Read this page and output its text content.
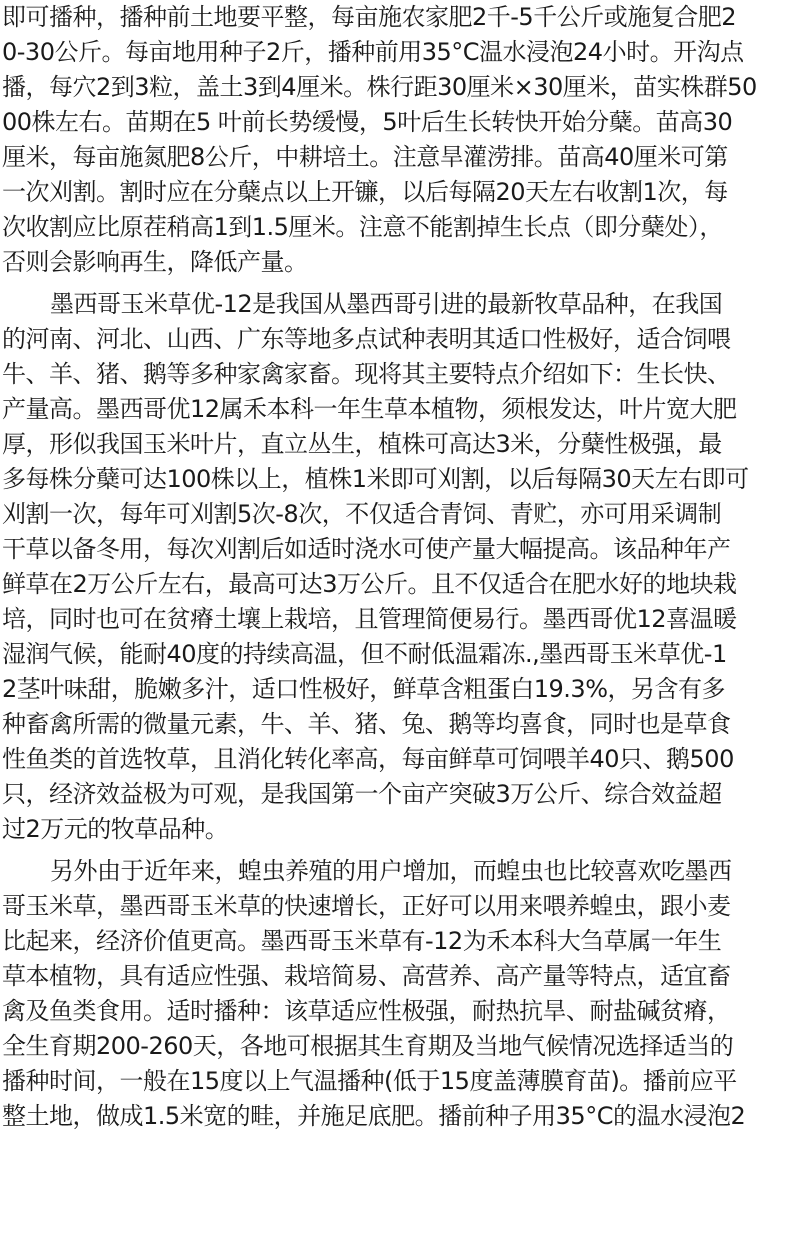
即可播种，播种前土地要平整，每亩施农家肥2千-5千公斤或施复合肥2
0-30公斤。每亩地用种子2斤，播种前用35°C温水浸泡24小时。开沟点
播，每穴2到3粒，盖土3到4厘米。株行距30厘米×30厘米，苗实株群50
00株左右。苗期在5 叶前长势缓慢，5叶后生长转快开始分蘖。苗高30
厘米，每亩施氮肥8公斤，中耕培土。注意旱灌涝排。苗高40厘米可第
一次刈割。割时应在分蘖点以上开镰，以后每隔20天左右收割1次，每
次收割应比原茬稍高1到1.5厘米。注意不能割掉生长点（即分蘖处），
否则会影响再生，降低产量。
墨西哥玉米草优-12是我国从墨西哥引进的最新牧草品种，在我国
的河南、河北、山西、广东等地多点试种表明其适口性极好，适合饲喂
牛、羊、猪、鹅等多种家禽家畜。现将其主要特点介绍如下：生长快、
产量高。墨西哥优12属禾本科一年生草本植物，须根发达，叶片宽大肥
厚，形似我国玉米叶片，直立丛生，植株可高达3米，分蘖性极强，最
多每株分蘖可达100株以上，植株1米即可刈割，以后每隔30天左右即可
刈割一次，每年可刈割5次-8次，不仅适合青饲、青贮，亦可用采调制
干草以备冬用，每次刈割后如适时浇水可使产量大幅提高。该品种年产
鲜草在2万公斤左右，最高可达3万公斤。且不仅适合在肥水好的地块栽
培，同时也可在贫瘠土壤上栽培，且管理简便易行。墨西哥优12喜温暖
湿润气候，能耐40度的持续高温，但不耐低温霜冻.,墨西哥玉米草优-1
2茎叶味甜，脆嫩多汁，适口性极好，鲜草含粗蛋白19.3%，另含有多
种畜禽所需的微量元素，牛、羊、猪、兔、鹅等均喜食，同时也是草食
性鱼类的首选牧草，且消化转化率高，每亩鲜草可饲喂羊40只、鹅500
只，经济效益极为可观，是我国第一个亩产突破3万公斤、综合效益超
过2万元的牧草品种。
另外由于近年来，蝗虫养殖的用户增加，而蝗虫也比较喜欢吃墨西
哥玉米草，墨西哥玉米草的快速增长，正好可以用来喂养蝗虫，跟小麦
比起来，经济价值更高。墨西哥玉米草有-12为禾本科大刍草属一年生
草本植物，具有适应性强、栽培简易、高营养、高产量等特点，适宜畜
禽及鱼类食用。适时播种：该草适应性极强，耐热抗旱、耐盐碱贫瘠，
全生育期200-260天，各地可根据其生育期及当地气候情况选择适当的
播种时间，一般在15度以上气温播种(低于15度盖薄膜育苗)。播前应平
整土地，做成1.5米宽的畦，并施足底肥。播前种子用35°C的温水浸泡2
